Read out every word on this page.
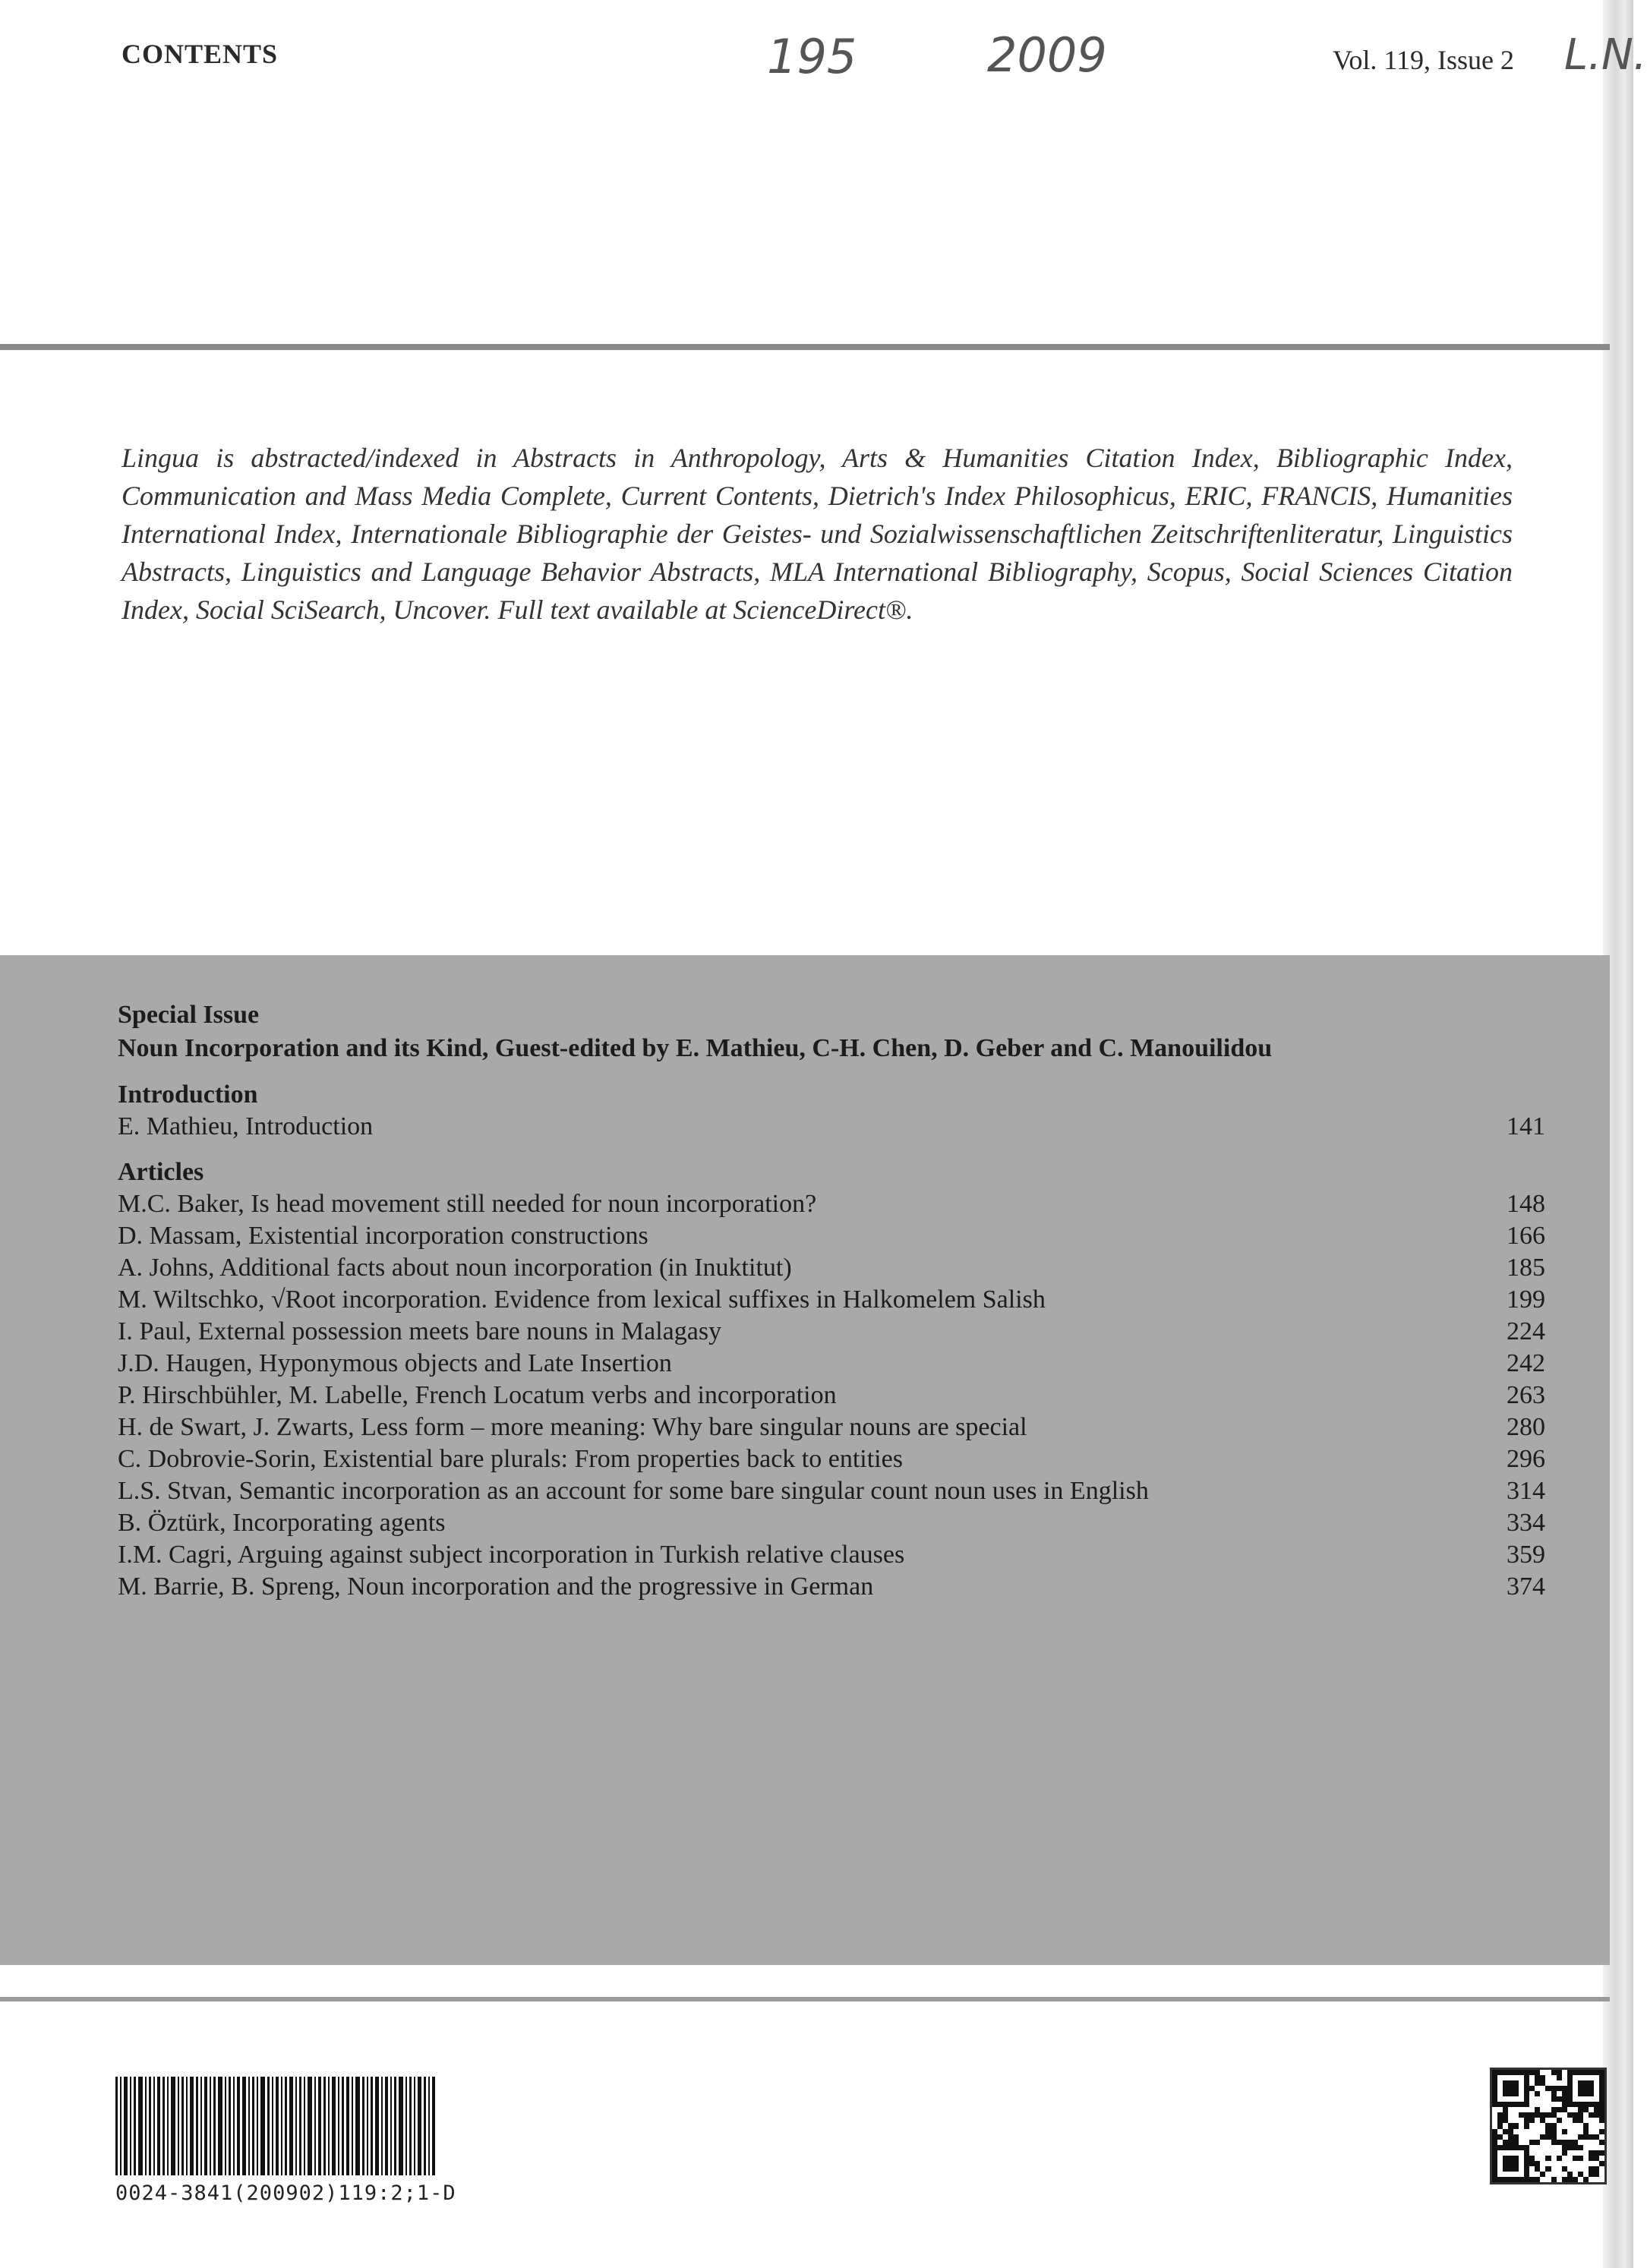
CONTENTS	195	2009	L.N.
Vol. 119, Issue 2
Lingua is abstracted/indexed in Abstracts in Anthropology, Arts & Humanities Citation Index, Bibliographic Index, Communication and Mass Media Complete, Current Contents, Dietrich's Index Philosophicus, ERIC, FRANCIS, Humanities International Index, Internationale Bibliographie der Geistes- und Sozialwissenschaftlichen Zeitschriftenliteratur, Linguistics Abstracts, Linguistics and Language Behavior Abstracts, MLA International Bibliography, Scopus, Social Sciences Citation Index, Social SciSearch, Uncover. Full text available at ScienceDirect®.
Special Issue
Noun Incorporation and its Kind, Guest-edited by E. Mathieu, C-H. Chen, D. Geber and C. Manouilidou
Introduction
E. Mathieu, Introduction	141
Articles
M.C. Baker, Is head movement still needed for noun incorporation?	148
D. Massam, Existential incorporation constructions	166
A. Johns, Additional facts about noun incorporation (in Inuktitut)	185
M. Wiltschko, √Root incorporation. Evidence from lexical suffixes in Halkomelem Salish	199
I. Paul, External possession meets bare nouns in Malagasy	224
J.D. Haugen, Hyponymous objects and Late Insertion	242
P. Hirschbühler, M. Labelle, French Locatum verbs and incorporation	263
H. de Swart, J. Zwarts, Less form – more meaning: Why bare singular nouns are special	280
C. Dobrovie-Sorin, Existential bare plurals: From properties back to entities	296
L.S. Stvan, Semantic incorporation as an account for some bare singular count noun uses in English	314
B. Öztürk, Incorporating agents	334
I.M. Cagri, Arguing against subject incorporation in Turkish relative clauses	359
M. Barrie, B. Spreng, Noun incorporation and the progressive in German	374
0024-3841(200902)119:2;1-D
